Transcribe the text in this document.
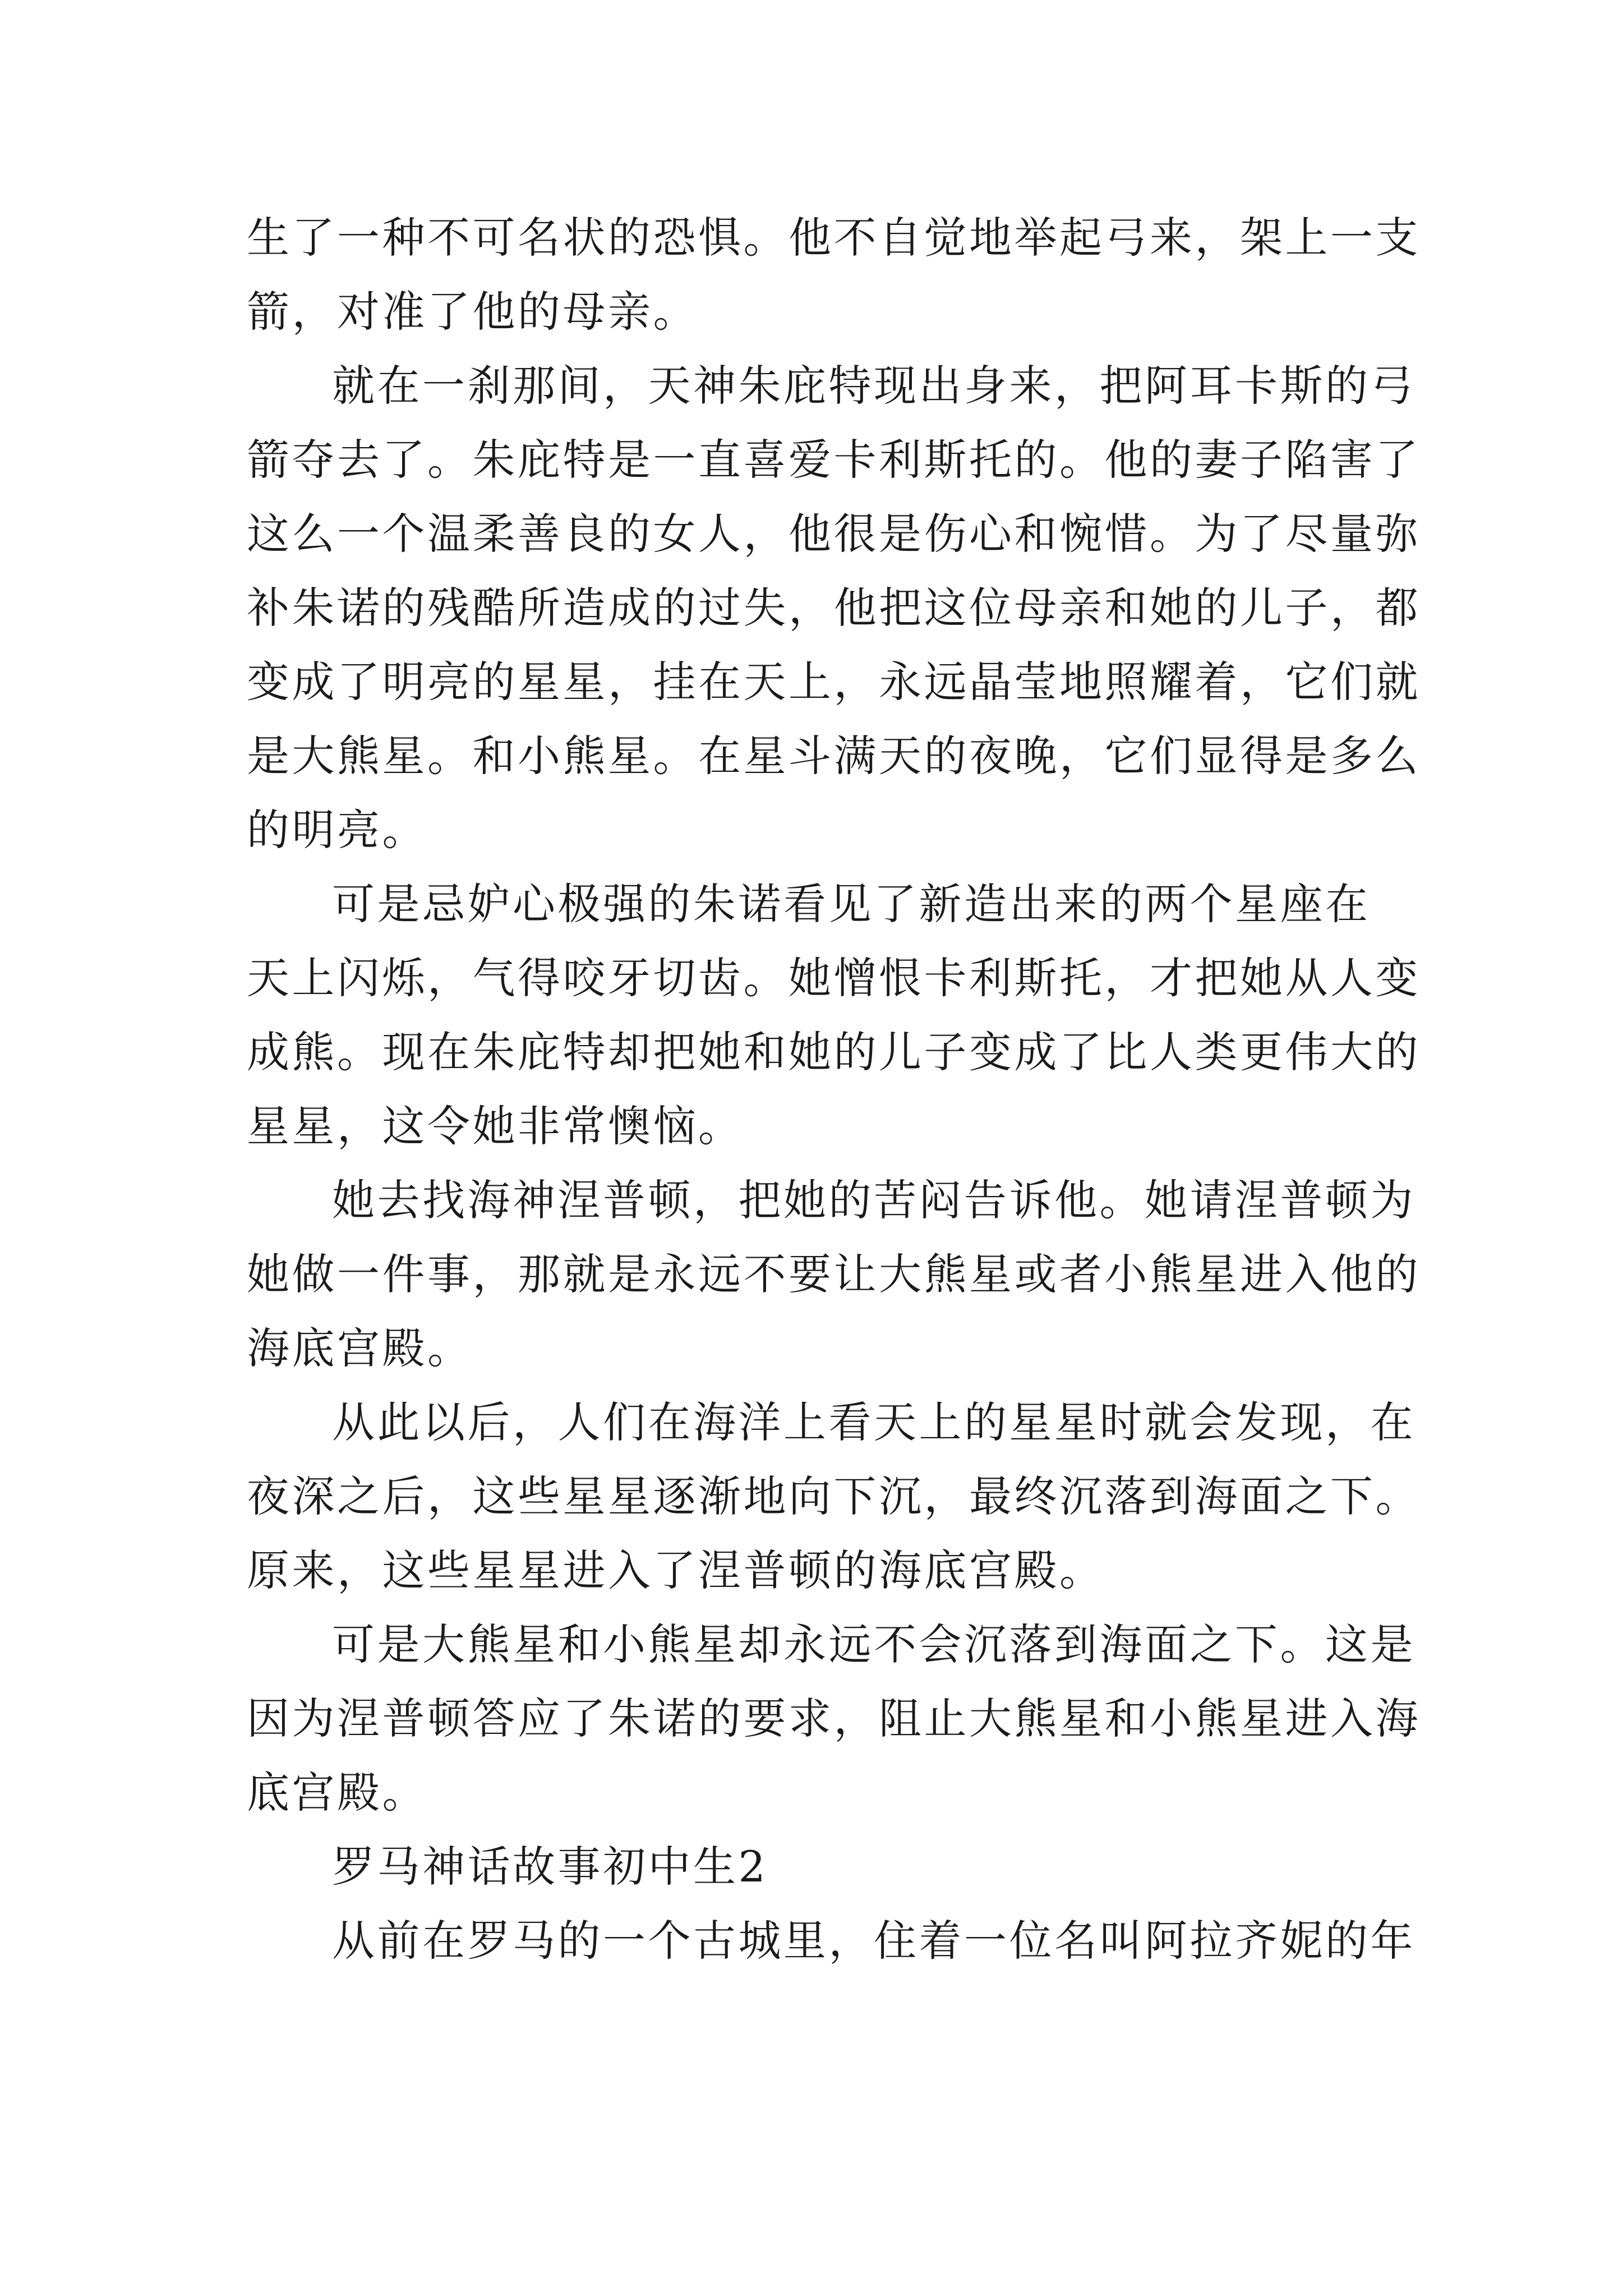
生了一种不可名状的恐惧。他不自觉地举起弓来，架上一支
箭，对准了他的母亲。
就在一刹那间，天神朱庇特现出身来，把阿耳卡斯的弓
箭夺去了。朱庇特是一直喜爱卡利斯托的。他的妻子陷害了
这么一个温柔善良的女人，他很是伤心和惋惜。为了尽量弥
补朱诺的残酷所造成的过失，他把这位母亲和她的儿子，都
变成了明亮的星星，挂在天上，永远晶莹地照耀着，它们就
是大熊星。和小熊星。在星斗满天的夜晚，它们显得是多么
的明亮。
可是忌妒心极强的朱诺看见了新造出来的两个星座在
天上闪烁，气得咬牙切齿。她憎恨卡利斯托，才把她从人变
成熊。现在朱庇特却把她和她的儿子变成了比人类更伟大的
星星，这令她非常懊恼。
她去找海神涅普顿，把她的苦闷告诉他。她请涅普顿为
她做一件事，那就是永远不要让大熊星或者小熊星进入他的
海底宫殿。
从此以后，人们在海洋上看天上的星星时就会发现，在
夜深之后，这些星星逐渐地向下沉，最终沉落到海面之下。
原来，这些星星进入了涅普顿的海底宫殿。
可是大熊星和小熊星却永远不会沉落到海面之下。这是
因为涅普顿答应了朱诺的要求，阻止大熊星和小熊星进入海
底宫殿。
罗马神话故事初中生2
从前在罗马的一个古城里，住着一位名叫阿拉齐妮的年
